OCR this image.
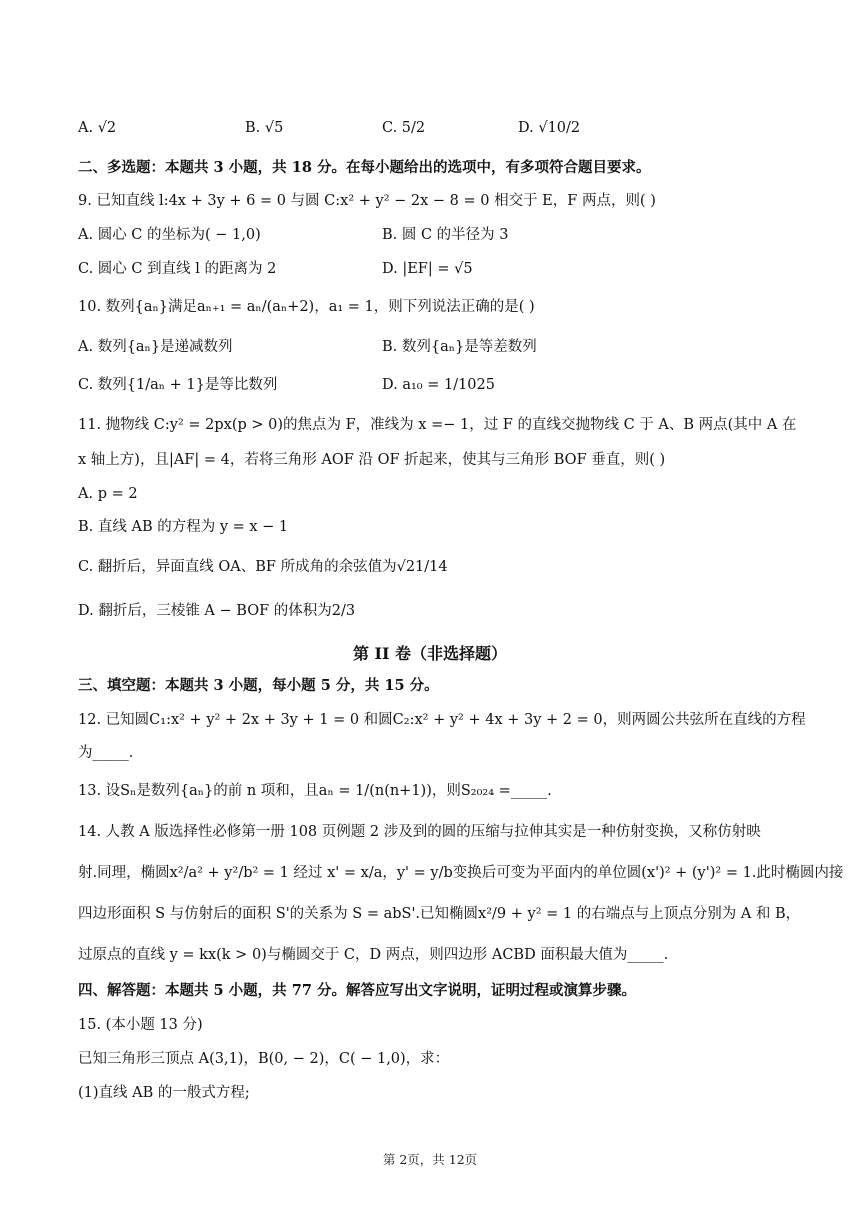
A. √2	B. √5	C. 5/2	D. √10/2
二、多选题：本题共 3 小题，共 18 分。在每小题给出的选项中，有多项符合题目要求。
9. 已知直线 l:4x + 3y + 6 = 0 与圆 C:x² + y² − 2x − 8 = 0 相交于 E，F 两点，则( )
A. 圆心 C 的坐标为( − 1,0)	B. 圆 C 的半径为 3
C. 圆心 C 到直线 l 的距离为 2	D. |EF| = √5
10. 数列{aₙ}满足aₙ₊₁ = aₙ/(aₙ+2)，a₁ = 1，则下列说法正确的是( )
A. 数列{aₙ}是递减数列	B. 数列{aₙ}是等差数列
C. 数列{1/aₙ + 1}是等比数列	D. a₁₀ = 1/1025
11. 抛物线 C:y² = 2px(p > 0)的焦点为 F，准线为 x =− 1，过 F 的直线交抛物线 C 于 A、B 两点(其中 A 在
x 轴上方)，且|AF| = 4，若将三角形 AOF 沿 OF 折起来，使其与三角形 BOF 垂直，则( )
A. p = 2
B. 直线 AB 的方程为 y = x − 1
C. 翻折后，异面直线 OA、BF 所成角的余弦值为√21/14
D. 翻折后，三棱锥 A − BOF 的体积为2/3
第 II 卷（非选择题）
三、填空题：本题共 3 小题，每小题 5 分，共 15 分。
12. 已知圆C₁:x² + y² + 2x + 3y + 1 = 0 和圆C₂:x² + y² + 4x + 3y + 2 = 0，则两圆公共弦所在直线的方程
为_____.
13. 设Sₙ是数列{aₙ}的前 n 项和，且aₙ = 1/(n(n+1))，则S₂₀₂₄ =_____.
14. 人教 A 版选择性必修第一册 108 页例题 2 涉及到的圆的压缩与拉伸其实是一种仿射变换，又称仿射映
射.同理，椭圆x²/a² + y²/b² = 1 经过 x' = x/a，y' = y/b变换后可变为平面内的单位圆(x')² + (y')² = 1.此时椭圆内接
四边形面积 S 与仿射后的面积 S'的关系为 S = abS'.已知椭圆x²/9 + y² = 1 的右端点与上顶点分别为 A 和 B，
过原点的直线 y = kx(k > 0)与椭圆交于 C，D 两点，则四边形 ACBD 面积最大值为_____.
四、解答题：本题共 5 小题，共 77 分。解答应写出文字说明，证明过程或演算步骤。
15. (本小题 13 分)
已知三角形三顶点 A(3,1)，B(0, − 2)，C( − 1,0)，求：
(1)直线 AB 的一般式方程;
第 2页，共 12页
